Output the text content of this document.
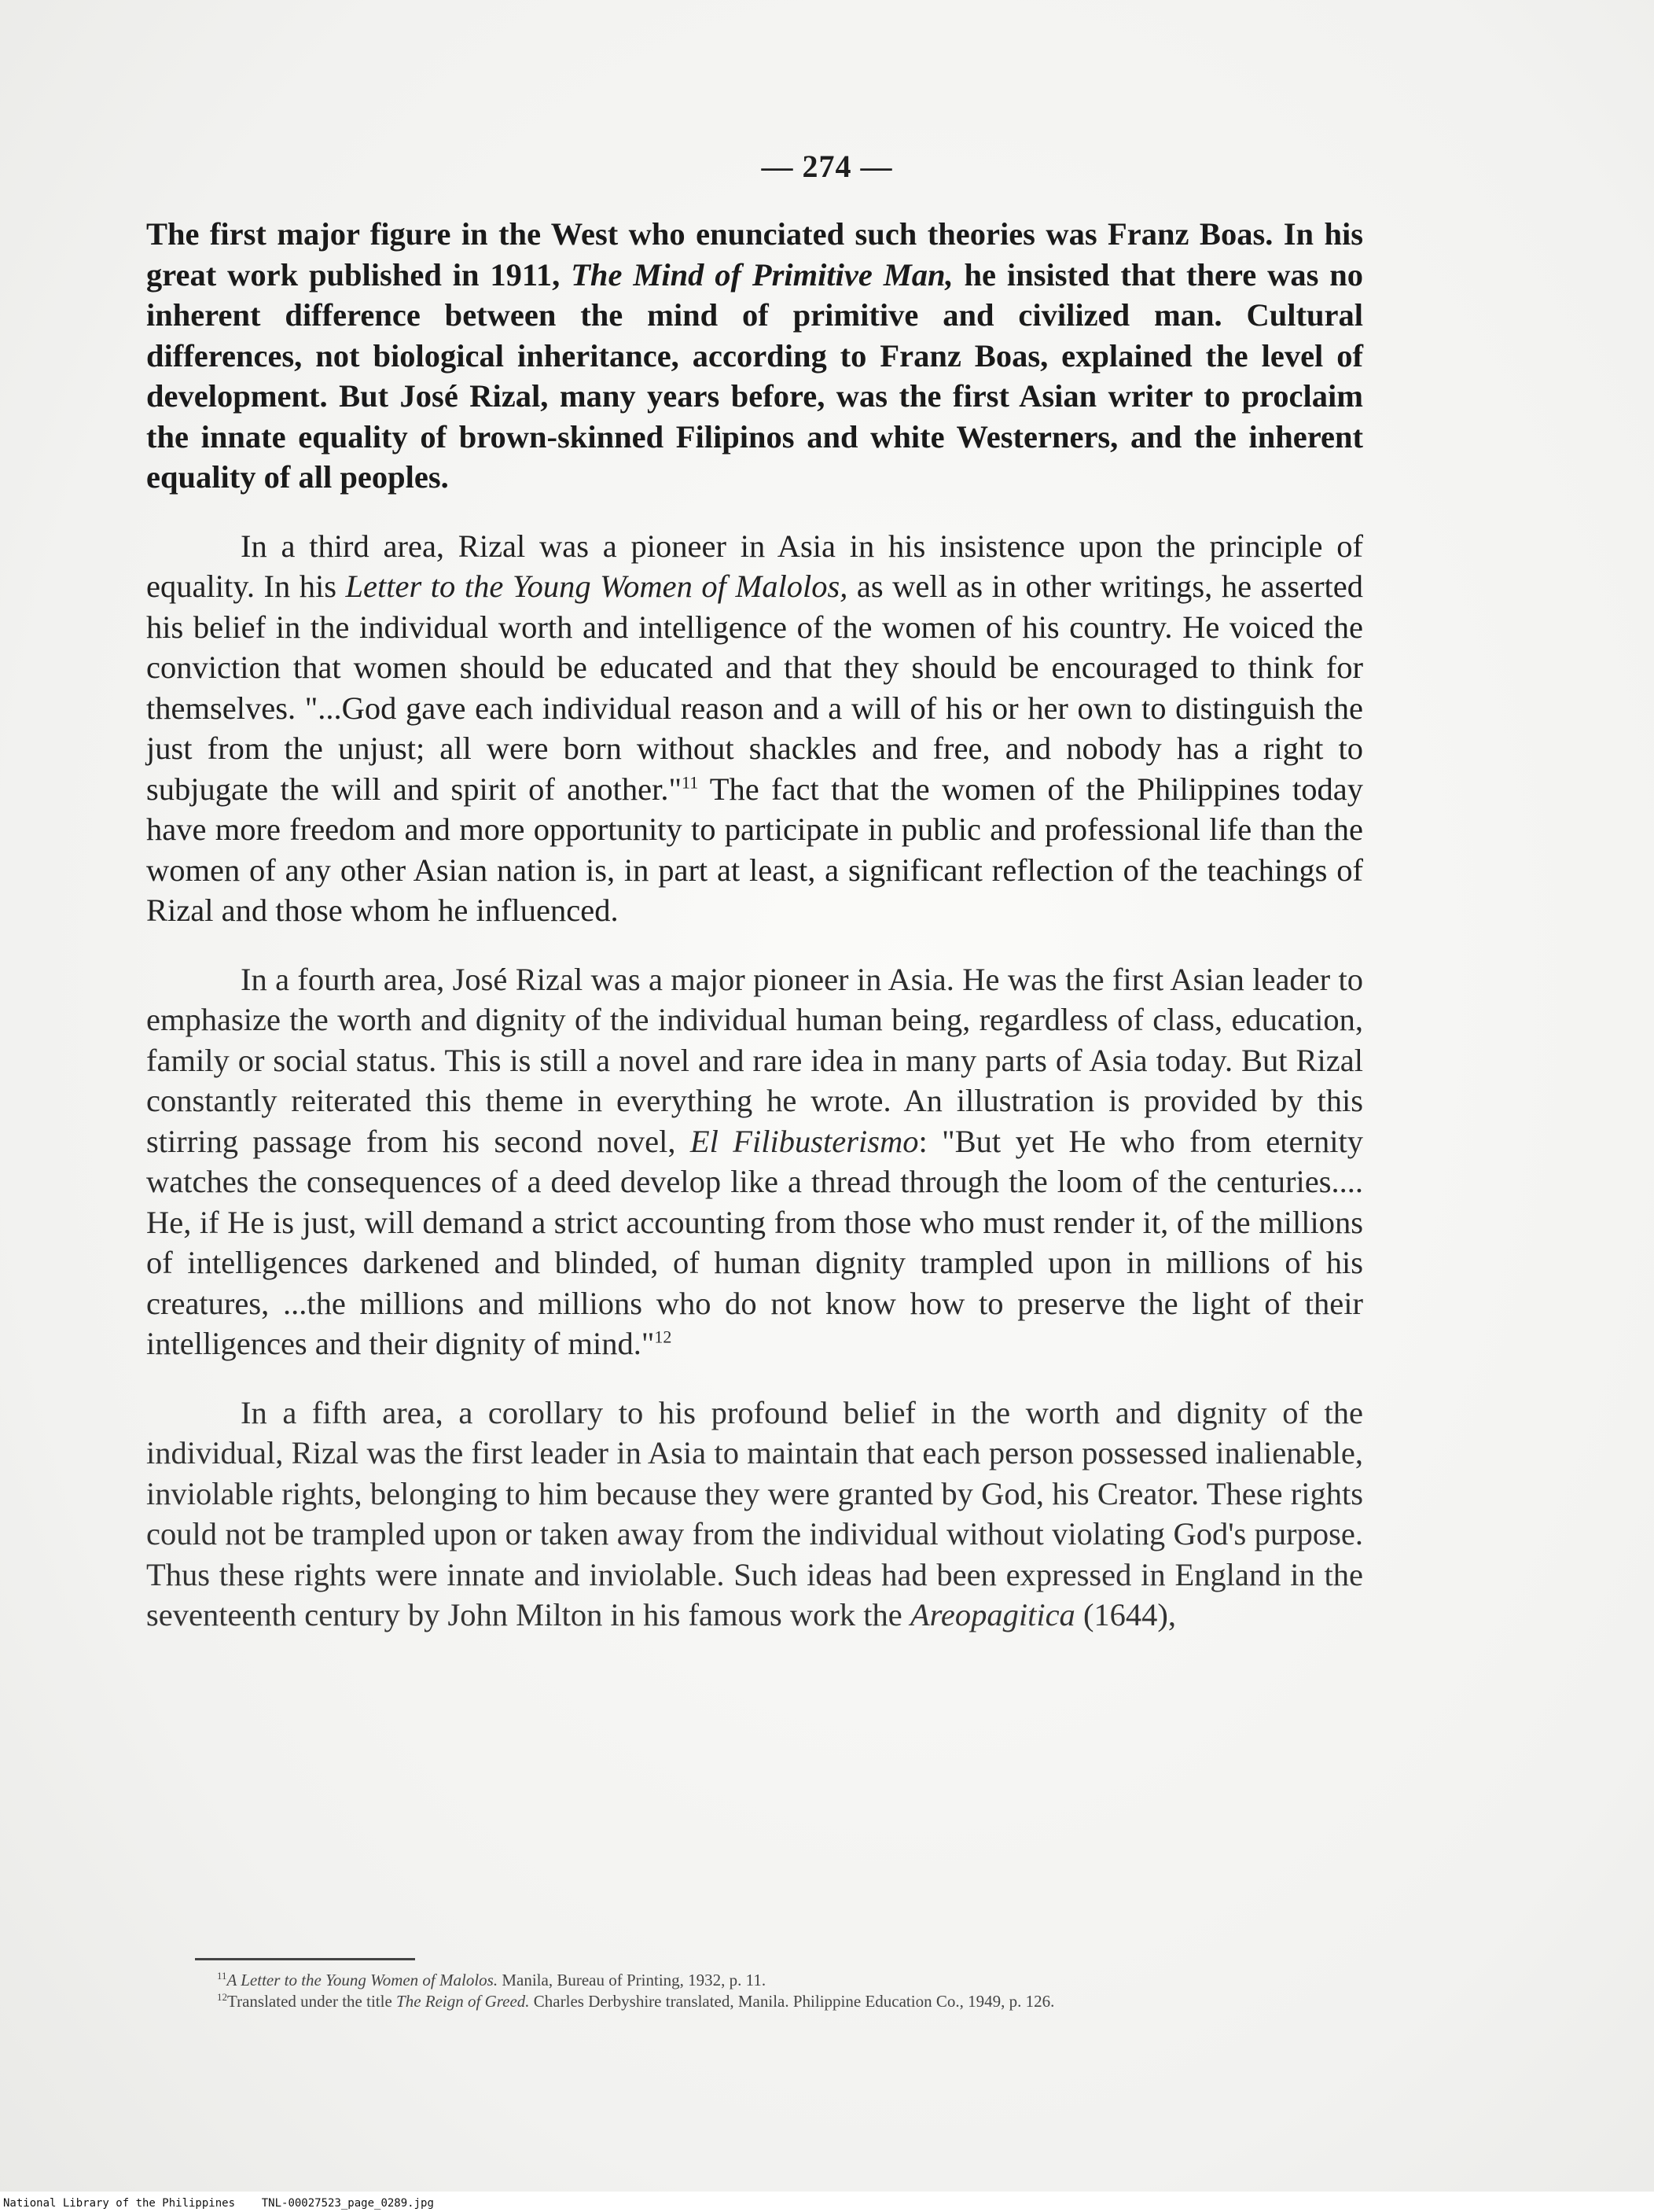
— 274 —

The first major figure in the West who enunciated such theories was Franz Boas. In his great work published in 1911, The Mind of Primitive Man, he insisted that there was no inherent difference between the mind of primitive and civilized man. Cultural differences, not biological inheritance, according to Franz Boas, explained the level of development. But José Rizal, many years before, was the first Asian writer to proclaim the innate equality of brown-skinned Filipinos and white Westerners, and the inherent equality of all peoples.

In a third area, Rizal was a pioneer in Asia in his insistence upon the principle of equality. In his Letter to the Young Women of Malolos, as well as in other writings, he asserted his belief in the individual worth and intelligence of the women of his country. He voiced the conviction that women should be educated and that they should be encouraged to think for themselves. "...God gave each individual reason and a will of his or her own to distinguish the just from the unjust; all were born without shackles and free, and nobody has a right to subjugate the will and spirit of another."$^{11}$ The fact that the women of the Philippines today have more freedom and more opportunity to participate in public and professional life than the women of any other Asian nation is, in part at least, a significant reflection of the teachings of Rizal and those whom he influenced.

In a fourth area, José Rizal was a major pioneer in Asia. He was the first Asian leader to emphasize the worth and dignity of the individual human being, regardless of class, education, family or social status. This is still a novel and rare idea in many parts of Asia today. But Rizal constantly reiterated this theme in everything he wrote. An illustration is provided by this stirring passage from his second novel, El Filibusterismo: "But yet He who from eternity watches the consequences of a deed develop like a thread through the loom of the centuries.... He, if He is just, will demand a strict accounting from those who must render it, of the millions of intelligences darkened and blinded, of human dignity trampled upon in millions of his creatures, ...the millions and millions who do not know how to preserve the light of their intelligences and their dignity of mind."$^{12}$

In a fifth area, a corollary to his profound belief in the worth and dignity of the individual, Rizal was the first leader in Asia to maintain that each person possessed inalienable, inviolable rights, belonging to him because they were granted by God, his Creator. These rights could not be trampled upon or taken away from the individual without violating God's purpose. Thus these rights were innate and inviolable. Such ideas had been expressed in England in the seventeenth century by John Milton in his famous work the Areopagitica (1644),

$^{11}$A Letter to the Young Women of Malolos. Manila, Bureau of Printing, 1932, p. 11.

$^{12}$Translated under the title The Reign of Greed. Charles Derbyshire translated, Manila. Philippine Education Co., 1949, p. 126.

National Library of the Philippines TNL-00027523_page_0289.jpg
